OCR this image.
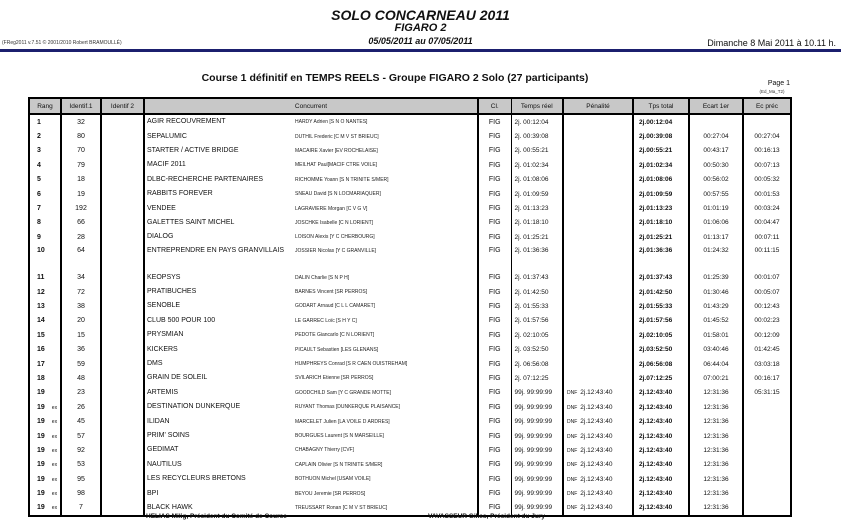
SOLO CONCARNEAU 2011
FIGARO 2
05/05/2011 au 07/05/2011
(FReg2011 v.7.51 © 2001/2010 Robert BRAMOULLÉ)	Dimanche 8 Mai 2011 à 10.11 h.
Course 1 définitif en TEMPS REELS - Groupe FIGARO 2 Solo (27 participants)	Page 1
(Ed_Ma_T2)
Rang	Identif.1	Identif 2	Concurrent	Cl.	Temps réel	Pénalité	Tps total	Ecart 1er	Ec préc
1	32		AGIR RECOUVREMENT HARDY Adrien [S N O NANTES]	FIG	2j. 00:12:04		2j.00:12:04		
2	80		SEPALUMIC DUTHIL Frederic [C M V ST BRIEUC]	FIG	2j. 00:39:08		2j.00:39:08	00:27:04	00:27:04
3	70		STARTER / ACTIVE BRIDGE MACAIRE Xavier [EV ROCHELAISE]	FIG	2j. 00:55:21		2j.00:55:21	00:43:17	00:16:13
4	79		MACIF 2011 MEILHAT Paul[MACIF CTRE VOILE]	FIG	2j. 01:02:34		2j.01:02:34	00:50:30	00:07:13
5	18		DLBC-RECHERCHE PARTENAIRES RICHOMME Yoann [S N TRINITE S/MER]	FIG	2j. 01:08:06		2j.01:08:06	00:56:02	00:05:32
6	19		RABBITS FOREVER SNEAU David [S N LOCMARIAQUER]	FIG	2j. 01:09:59		2j.01:09:59	00:57:55	00:01:53
7	192		VENDEE LAGRAVIERE Morgan [C V G V]	FIG	2j. 01:13:23		2j.01:13:23	01:01:19	00:03:24
8	66		GALETTES SAINT MICHEL JOSCHKE Isabelle [C N LORIENT]	FIG	2j. 01:18:10		2j.01:18:10	01:06:06	00:04:47
9	28		DIALOG LOISON Alexis [Y C CHERBOURG]	FIG	2j. 01:25:21		2j.01:25:21	01:13:17	00:07:11
10	64		ENTREPRENDRE EN PAYS GRANVILLAIS JOSSIER Nicolas [Y C GRANVILLE]	FIG	2j. 01:36:36		2j.01:36:36	01:24:32	00:11:15
11	34		KEOPSYS DALIN Charlie [S N P H]	FIG	2j. 01:37:43		2j.01:37:43	01:25:39	00:01:07
12	72		PRATIBUCHES BARNES Vincent [SR PERROS]	FIG	2j. 01:42:50		2j.01:42:50	01:30:46	00:05:07
13	38		SENOBLE GODART Arnaud [C L L CAMARET]	FIG	2j. 01:55:33		2j.01:55:33	01:43:29	00:12:43
14	20		CLUB 500 POUR 100 LE GARREC Loïc [S H Y C]	FIG	2j. 01:57:56		2j.01:57:56	01:45:52	00:02:23
15	15		PRYSMIAN PEDOTE Giancarlo [C N LORIENT]	FIG	2j. 02:10:05		2j.02:10:05	01:58:01	00:12:09
16	36		KICKERS PICAULT Sebastien [LES GLENANS]	FIG	2j. 03:52:50		2j.03:52:50	03:40:46	01:42:45
17	59		DMS HUMPHREYS Conrad [S R CAEN OUISTREHAM]	FIG	2j. 06:56:08		2j.06:56:08	06:44:04	03:03:18
18	48		GRAIN DE SOLEIL SVILARICH Etienne [SR PERROS]	FIG	2j. 07:12:25		2j.07:12:25	07:00:21	00:16:17
19	23		ARTEMIS GOODCHILD Sam [Y C GRANDE MOTTE]	FIG	99j. 99:99:99	DNF 2j.12:43:40	2j.12:43:40	12:31:36	05:31:15
19 ex	26		DESTINATION DUNKERQUE RUYANT Thomas [DUNKERQUE PLAISANCE]	FIG	99j. 99:99:99	DNF 2j.12:43:40	2j.12:43:40	12:31:36	
19 ex	45		ILIDAN MARCELET Julien [LA VOILE D ARDRES]	FIG	99j. 99:99:99	DNF 2j.12:43:40	2j.12:43:40	12:31:36	
19 ex	57		PRIM' SOINS BOURGUES Laurent [S N MARSEILLE]	FIG	99j. 99:99:99	DNF 2j.12:43:40	2j.12:43:40	12:31:36	
19 ex	92		GEDIMAT CHABAGNY Thierry [CVF]	FIG	99j. 99:99:99	DNF 2j.12:43:40	2j.12:43:40	12:31:36	
19 ex	53		NAUTILUS CAPLAIN Olivier [S N TRINITE S/MER]	FIG	99j. 99:99:99	DNF 2j.12:43:40	2j.12:43:40	12:31:36	
19 ex	95		LES RECYCLEURS BRETONS BOTHUON Michel [USAM VOILE]	FIG	99j. 99:99:99	DNF 2j.12:43:40	2j.12:43:40	12:31:36	
19 ex	98		BPI BEYOU Jeremie [SR PERROS]	FIG	99j. 99:99:99	DNF 2j.12:43:40	2j.12:43:40	12:31:36	
19 ex	7		BLACK HAWK TREUSSART Ronan [C M V ST BRIEUC]	FIG	99j. 99:99:99	DNF 2j.12:43:40	2j.12:43:40	12:31:36	
HELIAS Milig, Président du Comité de Course	VAVASSEUR Gilles, Président du Jury
